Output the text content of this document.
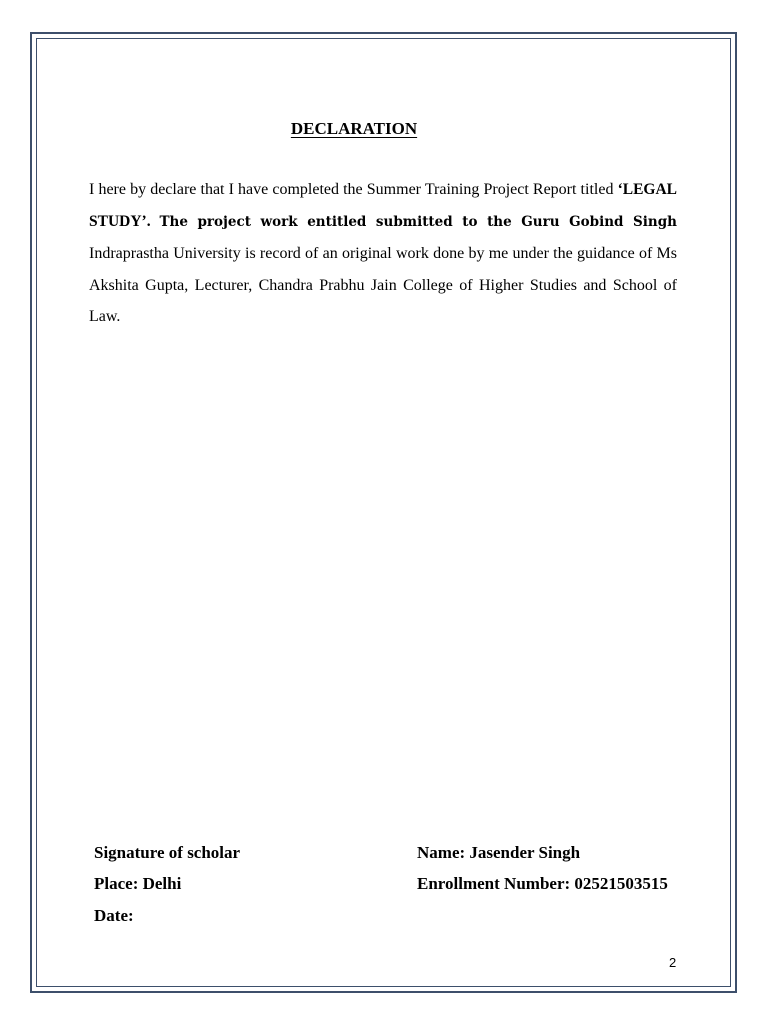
DECLARATION

I here by declare that I have completed the Summer Training Project Report titled ‘LEGAL STUDY’. The project work entitled submitted to the Guru Gobind Singh Indraprastha University is record of an original work done by me under the guidance of Ms Akshita Gupta, Lecturer, Chandra Prabhu Jain College of Higher Studies and School of Law.

Signature of scholar
Place: Delhi
Date:
Name: Jasender Singh
Enrollment Number: 02521503515
2
